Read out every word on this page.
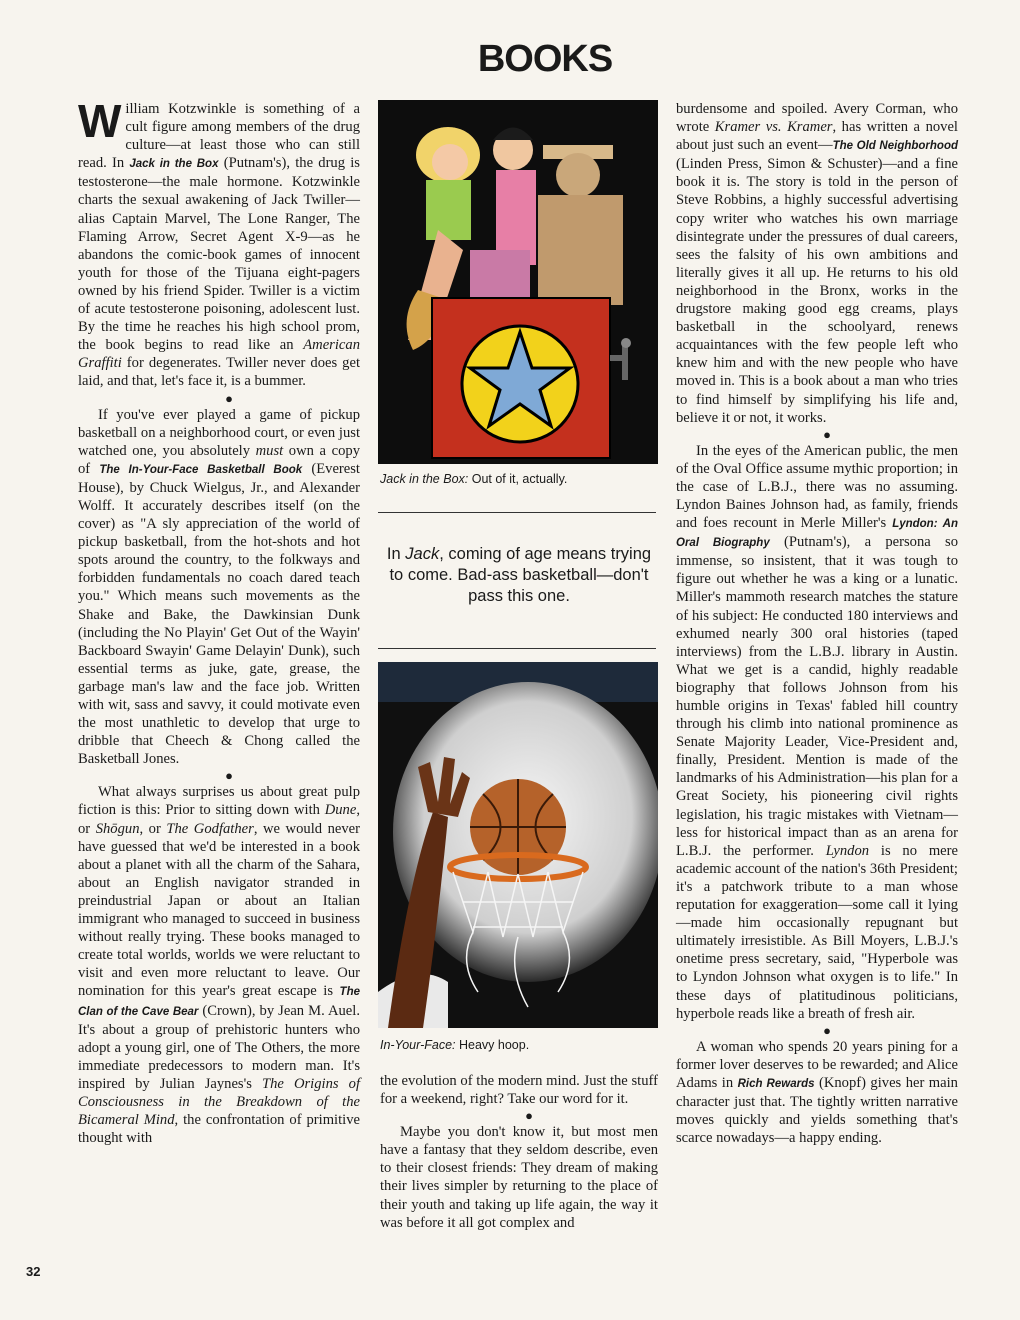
BOOKS

William Kotzwinkle is something of a cult figure among members of the drug culture—at least those who can still read. In Jack in the Box (Putnam's), the drug is testosterone—the male hormone. Kotzwinkle charts the sexual awakening of Jack Twiller—alias Captain Marvel, The Lone Ranger, The Flaming Arrow, Secret Agent X-9—as he abandons the comic-book games of innocent youth for those of the Tijuana eight-pagers owned by his friend Spider. Twiller is a victim of acute testosterone poisoning, adolescent lust. By the time he reaches his high school prom, the book begins to read like an American Graffiti for degenerates. Twiller never does get laid, and that, let's face it, is a bummer.

●

If you've ever played a game of pickup basketball on a neighborhood court, or even just watched one, you absolutely must own a copy of The In-Your-Face Basketball Book (Everest House), by Chuck Wielgus, Jr., and Alexander Wolff. It accurately describes itself (on the cover) as "A sly appreciation of the world of pickup basketball, from the hot-shots and hot spots around the country, to the folkways and forbidden fundamentals no coach dared teach you." Which means such movements as the Shake and Bake, the Dawkinsian Dunk (including the No Playin' Get Out of the Wayin' Backboard Swayin' Game Delayin' Dunk), such essential terms as juke, gate, grease, the garbage man's law and the face job. Written with wit, sass and savvy, it could motivate even the most unathletic to develop that urge to dribble that Cheech & Chong called the Basketball Jones.

●

What always surprises us about great pulp fiction is this: Prior to sitting down with Dune, or Shōgun, or The Godfather, we would never have guessed that we'd be interested in a book about a planet with all the charm of the Sahara, about an English navigator stranded in preindustrial Japan or about an Italian immigrant who managed to succeed in business without really trying. These books managed to create total worlds, worlds we were reluctant to visit and even more reluctant to leave. Our nomination for this year's great escape is The Clan of the Cave Bear (Crown), by Jean M. Auel. It's about a group of prehistoric hunters who adopt a young girl, one of The Others, the more immediate predecessors to modern man. It's inspired by Julian Jaynes's The Origins of Consciousness in the Breakdown of the Bicameral Mind, the confrontation of primitive thought with

Jack in the Box: Out of it, actually.
In Jack, coming of age means trying to come. Bad-ass basketball—don't pass this one.
In-Your-Face: Heavy hoop.

the evolution of the modern mind. Just the stuff for a weekend, right? Take our word for it.

●

Maybe you don't know it, but most men have a fantasy that they seldom describe, even to their closest friends: They dream of making their lives simpler by returning to the place of their youth and taking up life again, the way it was before it all got complex and

burdensome and spoiled. Avery Corman, who wrote Kramer vs. Kramer, has written a novel about just such an event—The Old Neighborhood (Linden Press, Simon & Schuster)—and a fine book it is. The story is told in the person of Steve Robbins, a highly successful advertising copy writer who watches his own marriage disintegrate under the pressures of dual careers, sees the falsity of his own ambitions and literally gives it all up. He returns to his old neighborhood in the Bronx, works in the drugstore making good egg creams, plays basketball in the schoolyard, renews acquaintances with the few people left who knew him and with the new people who have moved in. This is a book about a man who tries to find himself by simplifying his life and, believe it or not, it works.

●

In the eyes of the American public, the men of the Oval Office assume mythic proportion; in the case of L.B.J., there was no assuming. Lyndon Baines Johnson had, as family, friends and foes recount in Merle Miller's Lyndon: An Oral Biography (Putnam's), a persona so immense, so insistent, that it was tough to figure out whether he was a king or a lunatic. Miller's mammoth research matches the stature of his subject: He conducted 180 interviews and exhumed nearly 300 oral histories (taped interviews) from the L.B.J. library in Austin. What we get is a candid, highly readable biography that follows Johnson from his humble origins in Texas' fabled hill country through his climb into national prominence as Senate Majority Leader, Vice-President and, finally, President. Mention is made of the landmarks of his Administration—his plan for a Great Society, his pioneering civil rights legislation, his tragic mistakes with Vietnam—less for historical impact than as an arena for L.B.J. the performer. Lyndon is no mere academic account of the nation's 36th President; it's a patchwork tribute to a man whose reputation for exaggeration—some call it lying—made him occasionally repugnant but ultimately irresistible. As Bill Moyers, L.B.J.'s onetime press secretary, said, "Hyperbole was to Lyndon Johnson what oxygen is to life." In these days of platitudinous politicians, hyperbole reads like a breath of fresh air.

●

A woman who spends 20 years pining for a former lover deserves to be rewarded; and Alice Adams in Rich Rewards (Knopf) gives her main character just that. The tightly written narrative moves quickly and yields something that's scarce nowadays—a happy ending.

32
